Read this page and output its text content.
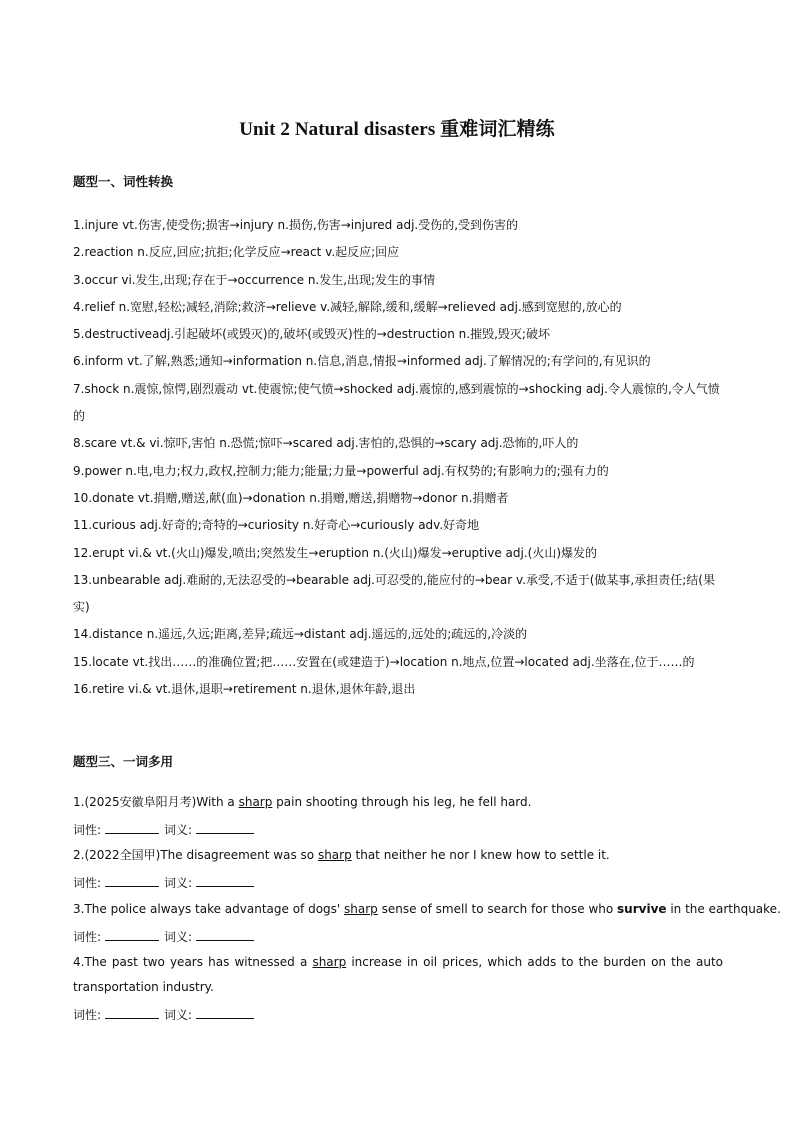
Unit 2 Natural disasters 重难词汇精练
题型一、词性转换
1.injure vt.伤害,使受伤;损害→injury n.损伤,伤害→injured adj.受伤的,受到伤害的
2.reaction n.反应,回应;抗拒;化学反应→react v.起反应;回应
3.occur vi.发生,出现;存在于→occurrence n.发生,出现;发生的事情
4.relief n.宽慰,轻松;减轻,消除;救济→relieve v.减轻,解除,缓和,缓解→relieved adj.感到宽慰的,放心的
5.destructiveadj.引起破坏(或毁灭)的,破坏(或毁灭)性的→destruction n.摧毁,毁灭;破坏
6.inform vt.了解,熟悉;通知→information n.信息,消息,情报→informed adj.了解情况的;有学问的,有见识的
7.shock n.震惊,惊愕,剧烈震动 vt.使震惊;使气愤→shocked adj.震惊的,感到震惊的→shocking adj.令人震惊的,令人气愤的
8.scare vt.& vi.惊吓,害怕 n.恐慌;惊吓→scared adj.害怕的,恐惧的→scary adj.恐怖的,吓人的
9.power n.电,电力;权力,政权,控制力;能力;能量;力量→powerful adj.有权势的;有影响力的;强有力的
10.donate vt.捐赠,赠送,献(血)→donation n.捐赠,赠送,捐赠物→donor n.捐赠者
11.curious adj.好奇的;奇特的→curiosity n.好奇心→curiously adv.好奇地
12.erupt vi.& vt.(火山)爆发,喷出;突然发生→eruption n.(火山)爆发→eruptive adj.(火山)爆发的
13.unbearable adj.难耐的,无法忍受的→bearable adj.可忍受的,能应付的→bear v.承受,不适于(做某事,承担责任;结(果实)
14.distance n.遥远,久远;距离,差异;疏远→distant adj.遥远的,远处的;疏远的,冷淡的
15.locate vt.找出……的准确位置;把……安置在(或建造于)→location n.地点,位置→located adj.坐落在,位于……的
16.retire vi.& vt.退休,退职→retirement n.退休,退休年龄,退出
题型三、一词多用
1.(2025安徽阜阳月考)With a sharp pain shooting through his leg, he fell hard.
词性:	词义:
2.(2022全国甲)The disagreement was so sharp that neither he nor I knew how to settle it.
词性:	词义:
3.The police always take advantage of dogs' sharp sense of smell to search for those who survive in the earthquake.
词性:	词义:
4.The past two years has witnessed a sharp increase in oil prices, which adds to the burden on the auto transportation industry.
词性:	词义:
